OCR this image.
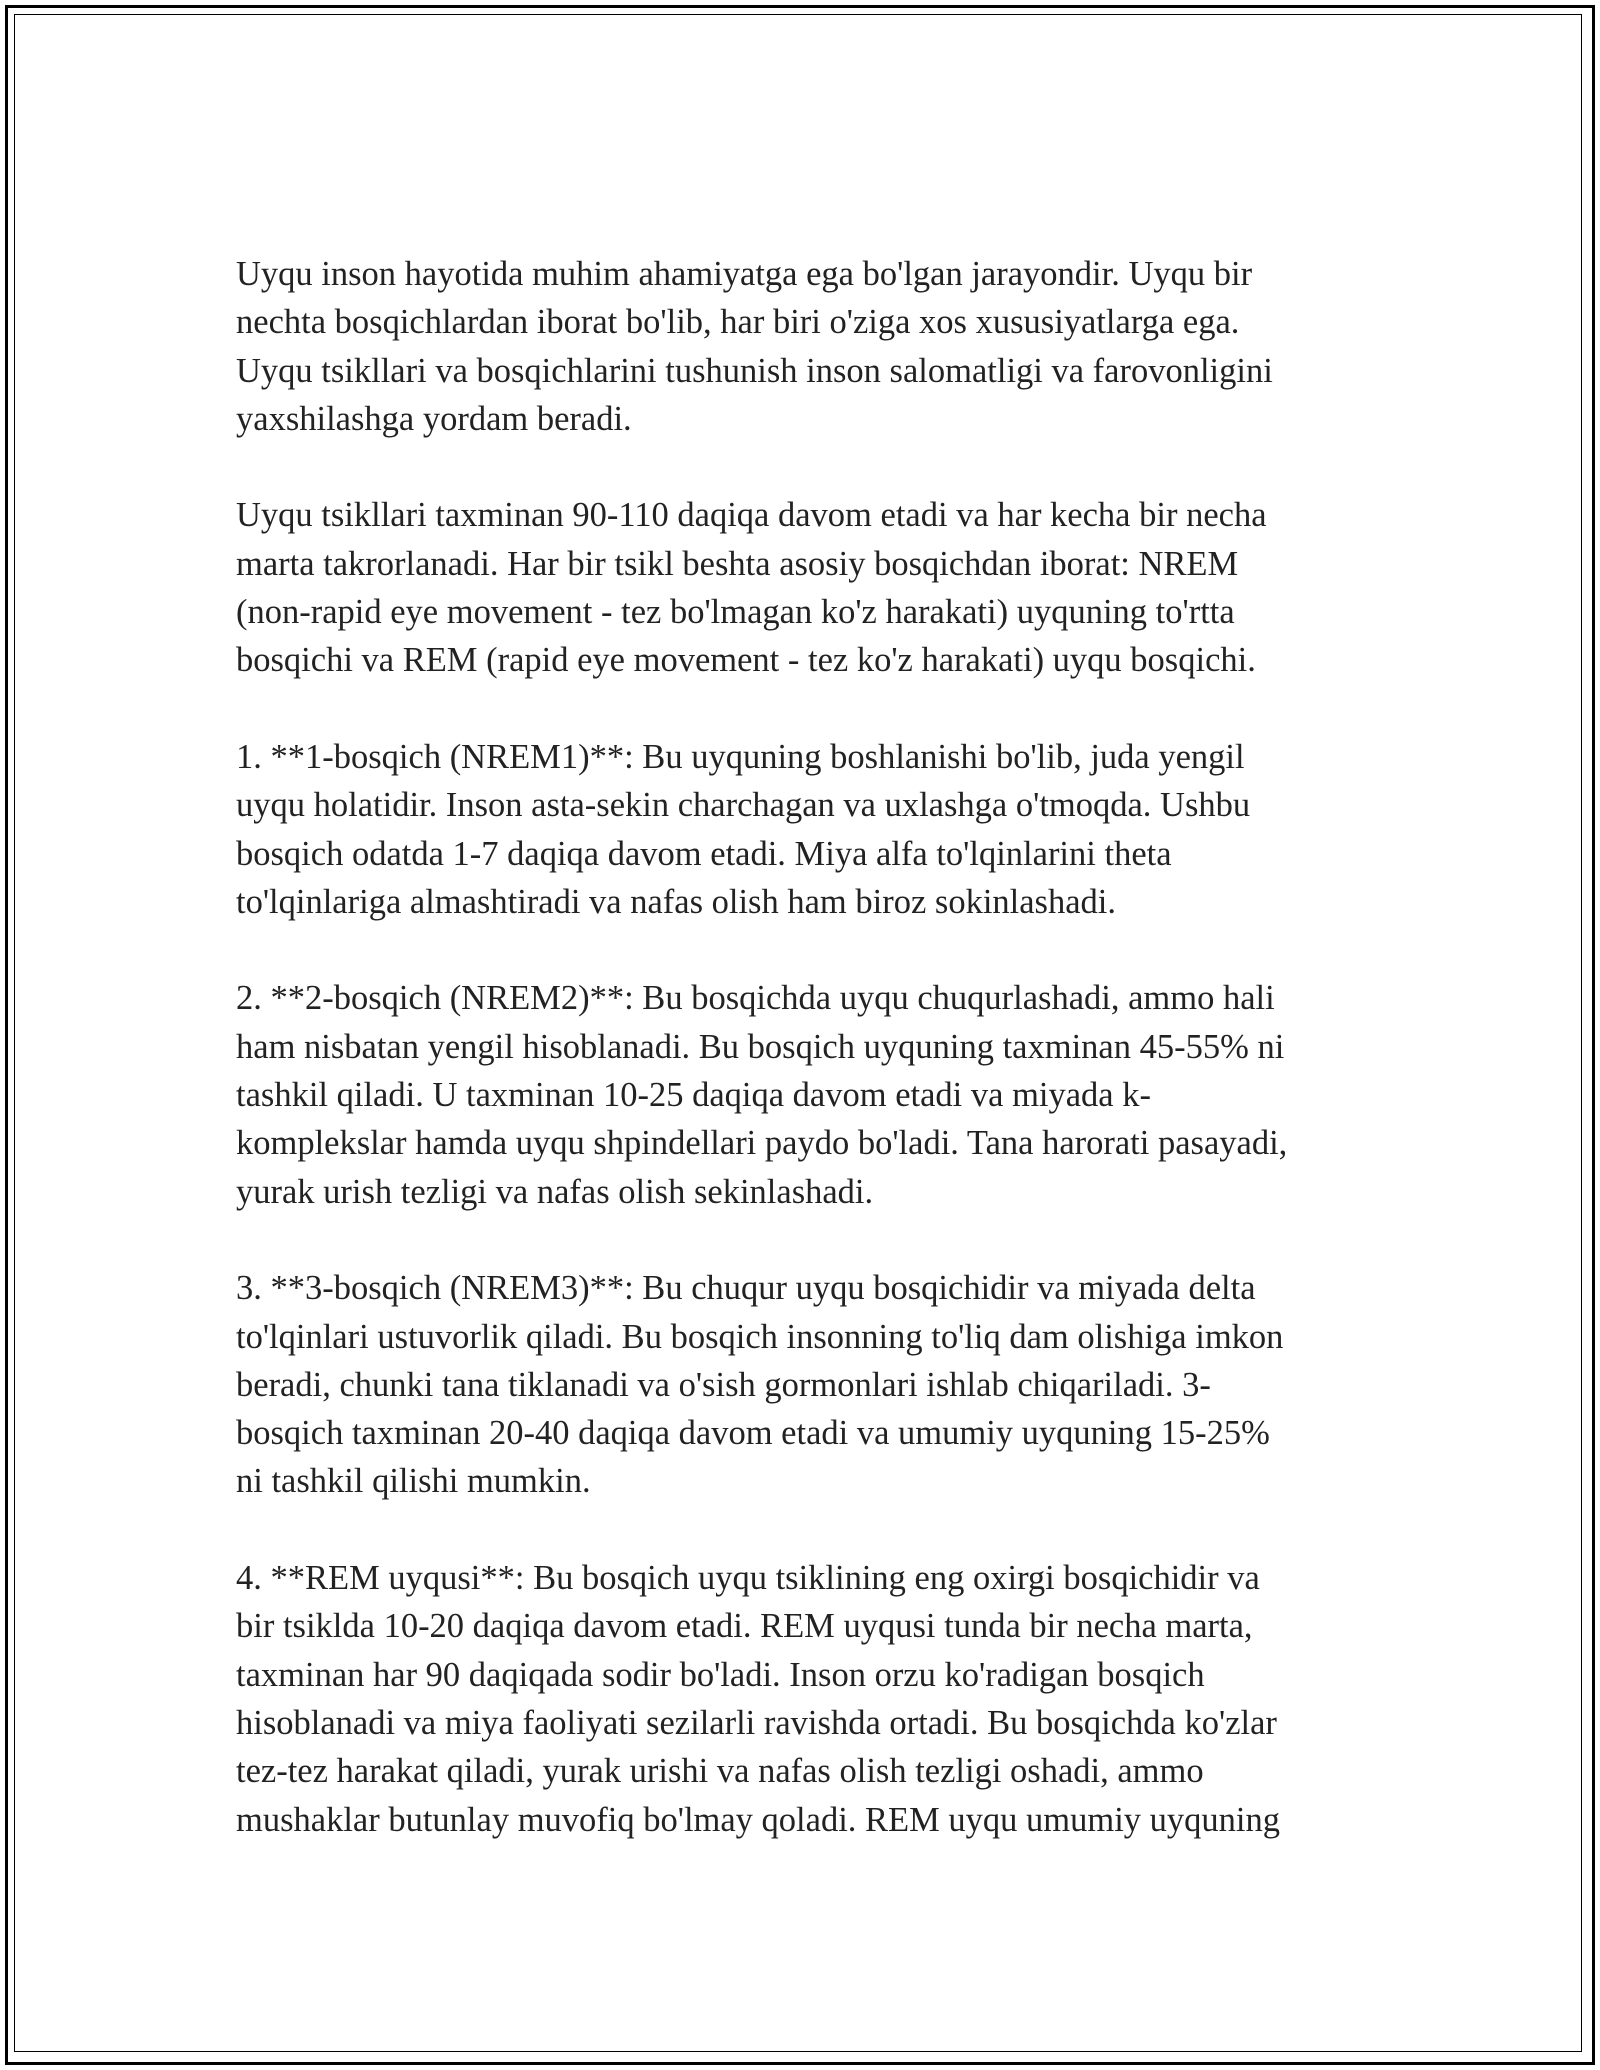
Uyqu inson hayotida muhim ahamiyatga ega bo'lgan jarayondir. Uyqu bir
nechta bosqichlardan iborat bo'lib, har biri o'ziga xos xususiyatlarga ega.
Uyqu tsikllari va bosqichlarini tushunish inson salomatligi va farovonligini
yaxshilashga yordam beradi.

Uyqu tsikllari taxminan 90-110 daqiqa davom etadi va har kecha bir necha
marta takrorlanadi. Har bir tsikl beshta asosiy bosqichdan iborat: NREM
(non-rapid eye movement - tez bo'lmagan ko'z harakati) uyquning to'rtta
bosqichi va REM (rapid eye movement - tez ko'z harakati) uyqu bosqichi.

1. **1-bosqich (NREM1)**: Bu uyquning boshlanishi bo'lib, juda yengil
uyqu holatidir. Inson asta-sekin charchagan va uxlashga o'tmoqda. Ushbu
bosqich odatda 1-7 daqiqa davom etadi. Miya alfa to'lqinlarini theta
to'lqinlariga almashtiradi va nafas olish ham biroz sokinlashadi.

2. **2-bosqich (NREM2)**: Bu bosqichda uyqu chuqurlashadi, ammo hali
ham nisbatan yengil hisoblanadi. Bu bosqich uyquning taxminan 45-55% ni
tashkil qiladi. U taxminan 10-25 daqiqa davom etadi va miyada k-
komplekslar hamda uyqu shpindellari paydo bo'ladi. Tana harorati pasayadi,
yurak urish tezligi va nafas olish sekinlashadi.

3. **3-bosqich (NREM3)**: Bu chuqur uyqu bosqichidir va miyada delta
to'lqinlari ustuvorlik qiladi. Bu bosqich insonning to'liq dam olishiga imkon
beradi, chunki tana tiklanadi va o'sish gormonlari ishlab chiqariladi. 3-
bosqich taxminan 20-40 daqiqa davom etadi va umumiy uyquning 15-25%
ni tashkil qilishi mumkin.

4. **REM uyqusi**: Bu bosqich uyqu tsiklining eng oxirgi bosqichidir va
bir tsiklda 10-20 daqiqa davom etadi. REM uyqusi tunda bir necha marta,
taxminan har 90 daqiqada sodir bo'ladi. Inson orzu ko'radigan bosqich
hisoblanadi va miya faoliyati sezilarli ravishda ortadi. Bu bosqichda ko'zlar
tez-tez harakat qiladi, yurak urishi va nafas olish tezligi oshadi, ammo
mushaklar butunlay muvofiq bo'lmay qoladi. REM uyqu umumiy uyquning
